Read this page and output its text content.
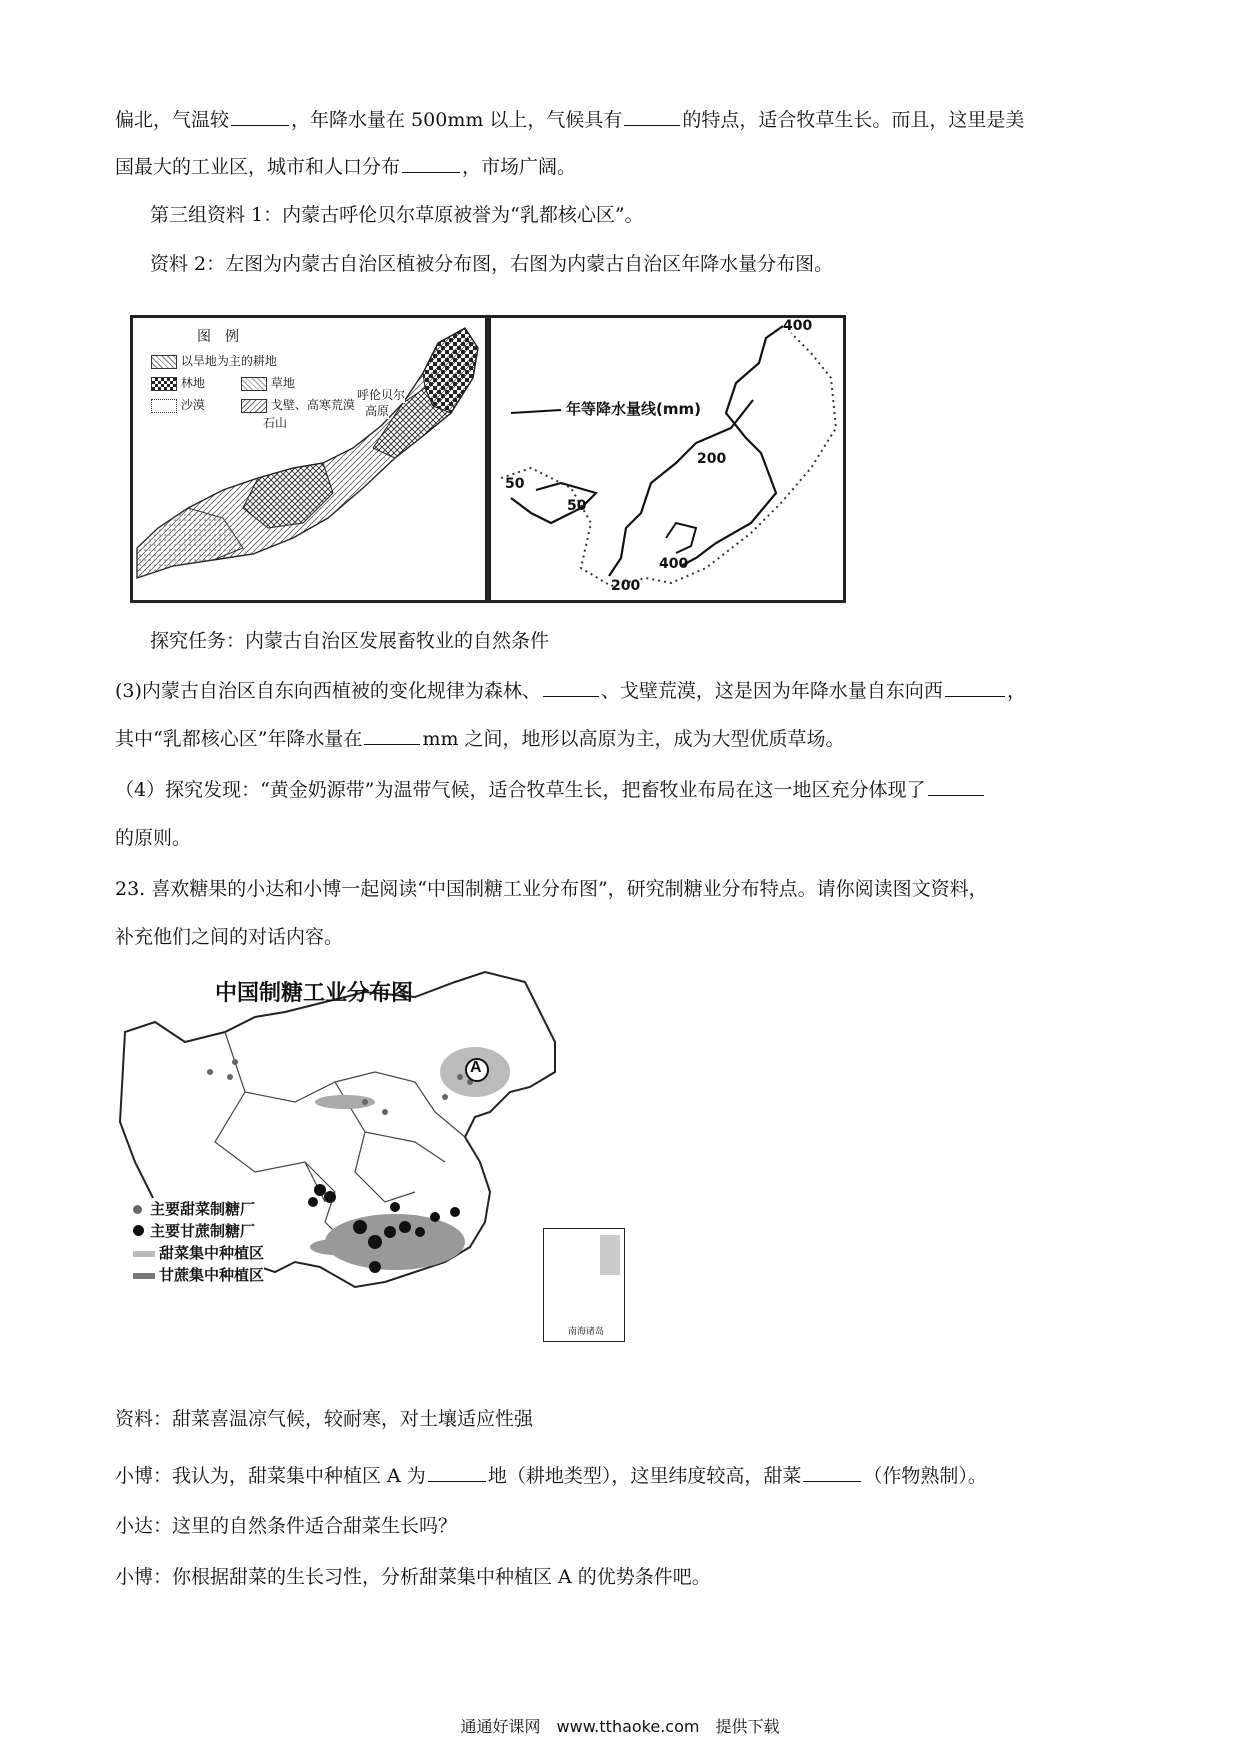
偏北，气温较	，年降水量在 500mm 以上，气候具有	的特点，适合牧草生长。而且，这里是美
国最大的工业区，城市和人口分布	，市场广阔。
第三组资料 1：内蒙古呼伦贝尔草原被誉为“乳都核心区”。
资料 2：左图为内蒙古自治区植被分布图，右图为内蒙古自治区年降水量分布图。
图　例
以旱地为主的耕地
林地	草地
沙漠	戈壁、高寒荒漠
石山
呼伦贝尔
高原	年等降水量线(mm)
400
200
50
50
200
400
探究任务：内蒙古自治区发展畜牧业的自然条件
(3)内蒙古自治区自东向西植被的变化规律为森林、	、戈壁荒漠，这是因为年降水量自东向西	，
其中“乳都核心区”年降水量在	mm 之间，地形以高原为主，成为大型优质草场。
（4）探究发现：“黄金奶源带”为温带气候，适合牧草生长，把畜牧业布局在这一地区充分体现了
的原则。
23. 喜欢糖果的小达和小博一起阅读“中国制糖工业分布图”，研究制糖业分布特点。请你阅读图文资料，
补充他们之间的对话内容。
A
中国制糖工业分布图
主要甜菜制糖厂
主要甘蔗制糖厂
甜菜集中种植区
甘蔗集中种植区
南海诸岛
资料：甜菜喜温凉气候，较耐寒，对土壤适应性强
小博：我认为，甜菜集中种植区 A 为	地（耕地类型），这里纬度较高，甜菜	（作物熟制）。
小达：这里的自然条件适合甜菜生长吗？
小博：你根据甜菜的生长习性，分析甜菜集中种植区 A 的优势条件吧。
通通好课网　www.tthaoke.com　提供下载
